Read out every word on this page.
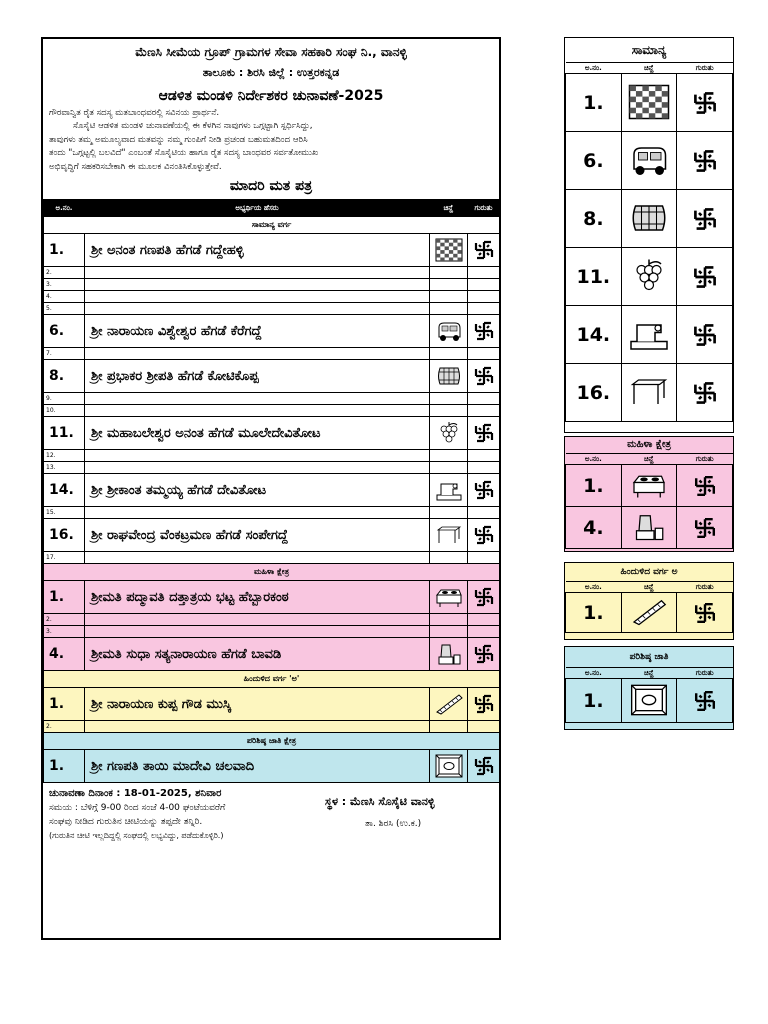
ಮೆಣಸಿ ಸೀಮೆಯ ಗ್ರೂಪ್ ಗ್ರಾಮಗಳ ಸೇವಾ ಸಹಕಾರಿ ಸಂಘ ನಿ., ವಾನಳ್ಳಿ
ತಾಲೂಕು : ಶಿರಸಿ ಜಿಲ್ಲೆ : ಉತ್ತರಕನ್ನಡ
ಆಡಳಿತ ಮಂಡಳಿ ನಿರ್ದೇಶಕರ ಚುನಾವಣೆ-2025
ಗೌರವಾನ್ವಿತ ರೈತ ಸದಸ್ಯ ಮತಬಾಂಧವರಲ್ಲಿ ಸವಿನಯ ಪ್ರಾರ್ಥನೆ.
ಸೊಸೈಟಿ ಆಡಳಿತ ಮಂಡಳಿ ಚುನಾವಣೆಯಲ್ಲಿ ಈ ಕೆಳಗಿನ ನಾವುಗಳು ಒಗ್ಗಟ್ಟಾಗಿ ಸ್ಪರ್ಧಿಸಿದ್ದು,
ತಾವುಗಳು ತಮ್ಮ ಅಮೂಲ್ಯವಾದ ಮತವನ್ನು ನಮ್ಮ ಗುಂಪಿಗೆ ನೀಡಿ ಪ್ರಚಂಡ ಬಹುಮತದಿಂದ ಆರಿಸಿ
ತಂದು "ಒಗ್ಗಟ್ಟಲ್ಲಿ ಬಲವಿದೆ" ಎಂಬಂತೆ ಸೊಸೈಟಿಯ ಹಾಗೂ ರೈತ ಸದಸ್ಯ ಬಾಂಧವರ ಸರ್ವತೋಮುಖ
ಅಭಿವೃದ್ಧಿಗೆ ಸಹಕರಿಸಬೇಕಾಗಿ ಈ ಮೂಲಕ ವಿನಂತಿಸಿಕೊಳ್ಳುತ್ತೇವೆ.
ಮಾದರಿ ಮತ ಪತ್ರ
ಅ.ನಂ.	ಅಭ್ಯರ್ಥಿಯ ಹೆಸರು	ಚಿನ್ಹೆ	ಗುರುತು
ಸಾಮಾನ್ಯ ವರ್ಗ			
1.	ಶ್ರೀ ಅನಂತ ಗಣಪತಿ ಹೆಗಡೆ ಗದ್ದೇಹಳ್ಳಿ	

2.			
3.			
4.			
5.			
6.	ಶ್ರೀ ನಾರಾಯಣ ವಿಶ್ವೇಶ್ವರ ಹೆಗಡೆ ಕೆರೆಗದ್ದೆ	

7.			
8.	ಶ್ರೀ ಪ್ರಭಾಕರ ಶ್ರೀಪತಿ ಹೆಗಡೆ ಕೋಟಿಕೊಪ್ಪ	

9.			
10.			
11.	ಶ್ರೀ ಮಹಾಬಲೇಶ್ವರ ಅನಂತ ಹೆಗಡೆ ಮೂಲೇದೇವಿತೋಟ	

12.			
13.			
14.	ಶ್ರೀ ಶ್ರೀಕಾಂತ ತಮ್ಮಯ್ಯ ಹೆಗಡೆ ದೇವಿತೋಟ	

15.			
16.	ಶ್ರೀ ರಾಘವೇಂದ್ರ ವೆಂಕಟ್ರಮಣ ಹೆಗಡೆ ಸಂಪೇಗದ್ದೆ	

17.			
ಮಹಿಳಾ ಕ್ಷೇತ್ರ			
1.	ಶ್ರೀಮತಿ ಪದ್ಮಾವತಿ ದತ್ತಾತ್ರಯ ಭಟ್ಟ ಹೆಬ್ಬಾರಕಂಠ	

2.			
3.			
4.	ಶ್ರೀಮತಿ ಸುಧಾ ಸತ್ಯನಾರಾಯಣ ಹೆಗಡೆ ಬಾವಡಿ	

ಹಿಂದುಳಿದ ವರ್ಗ 'ಅ'			
1.	ಶ್ರೀ ನಾರಾಯಣ ಕುಪ್ಪ ಗೌಡ ಮುಸ್ಕಿ	

2.			
ಪರಿಶಿಷ್ಠ ಜಾತಿ ಕ್ಷೇತ್ರ			
1.	ಶ್ರೀ ಗಣಪತಿ ತಾಯಿ ಮಾದೇವಿ ಚಲವಾದಿ	

ಚುನಾವಣಾ ದಿನಾಂಕ : 18-01-2025, ಶನಿವಾರ
ಸಮಯ : ಬೆಳಿಗ್ಗೆ 9-00 ರಿಂದ ಸಂಜೆ 4-00 ಘಂಟೆಯವರೆಗೆ
ಸಂಘವು ನೀಡಿದ ಗುರುತಿನ ಚೀಟಿಯನ್ನು ತಪ್ಪದೇ ತನ್ನಿರಿ.
(ಗುರುತಿನ ಚೀಟಿ ಇಲ್ಲದಿದ್ದಲ್ಲಿ ಸಂಘದಲ್ಲಿ ಲಭ್ಯವಿದ್ದು, ಪಡೆದುಕೊಳ್ಳಿರಿ.)
ಸ್ಥಳ : ಮೆಣಸಿ ಸೊಸೈಟಿ ವಾನಳ್ಳಿ
ತಾ. ಶಿರಸಿ (ಉ.ಕ.)
ಸಾಮಾನ್ಯ
ಅ.ನಂ.	ಚಿನ್ಹೆ	ಗುರುತು
1.		

6.		

8.		

11.		

14.		

16.		
ಮಹಿಳಾ ಕ್ಷೇತ್ರ
ಅ.ನಂ.	ಚಿನ್ಹೆ	ಗುರುತು
1.		

4.		
ಹಿಂದುಳಿದ ವರ್ಗ ಅ
ಅ.ನಂ.	ಚಿನ್ಹೆ	ಗುರುತು
1.		
ಪರಿಶಿಷ್ಠ ಜಾತಿ
ಅ.ನಂ.	ಚಿನ್ಹೆ	ಗುರುತು
1.		
